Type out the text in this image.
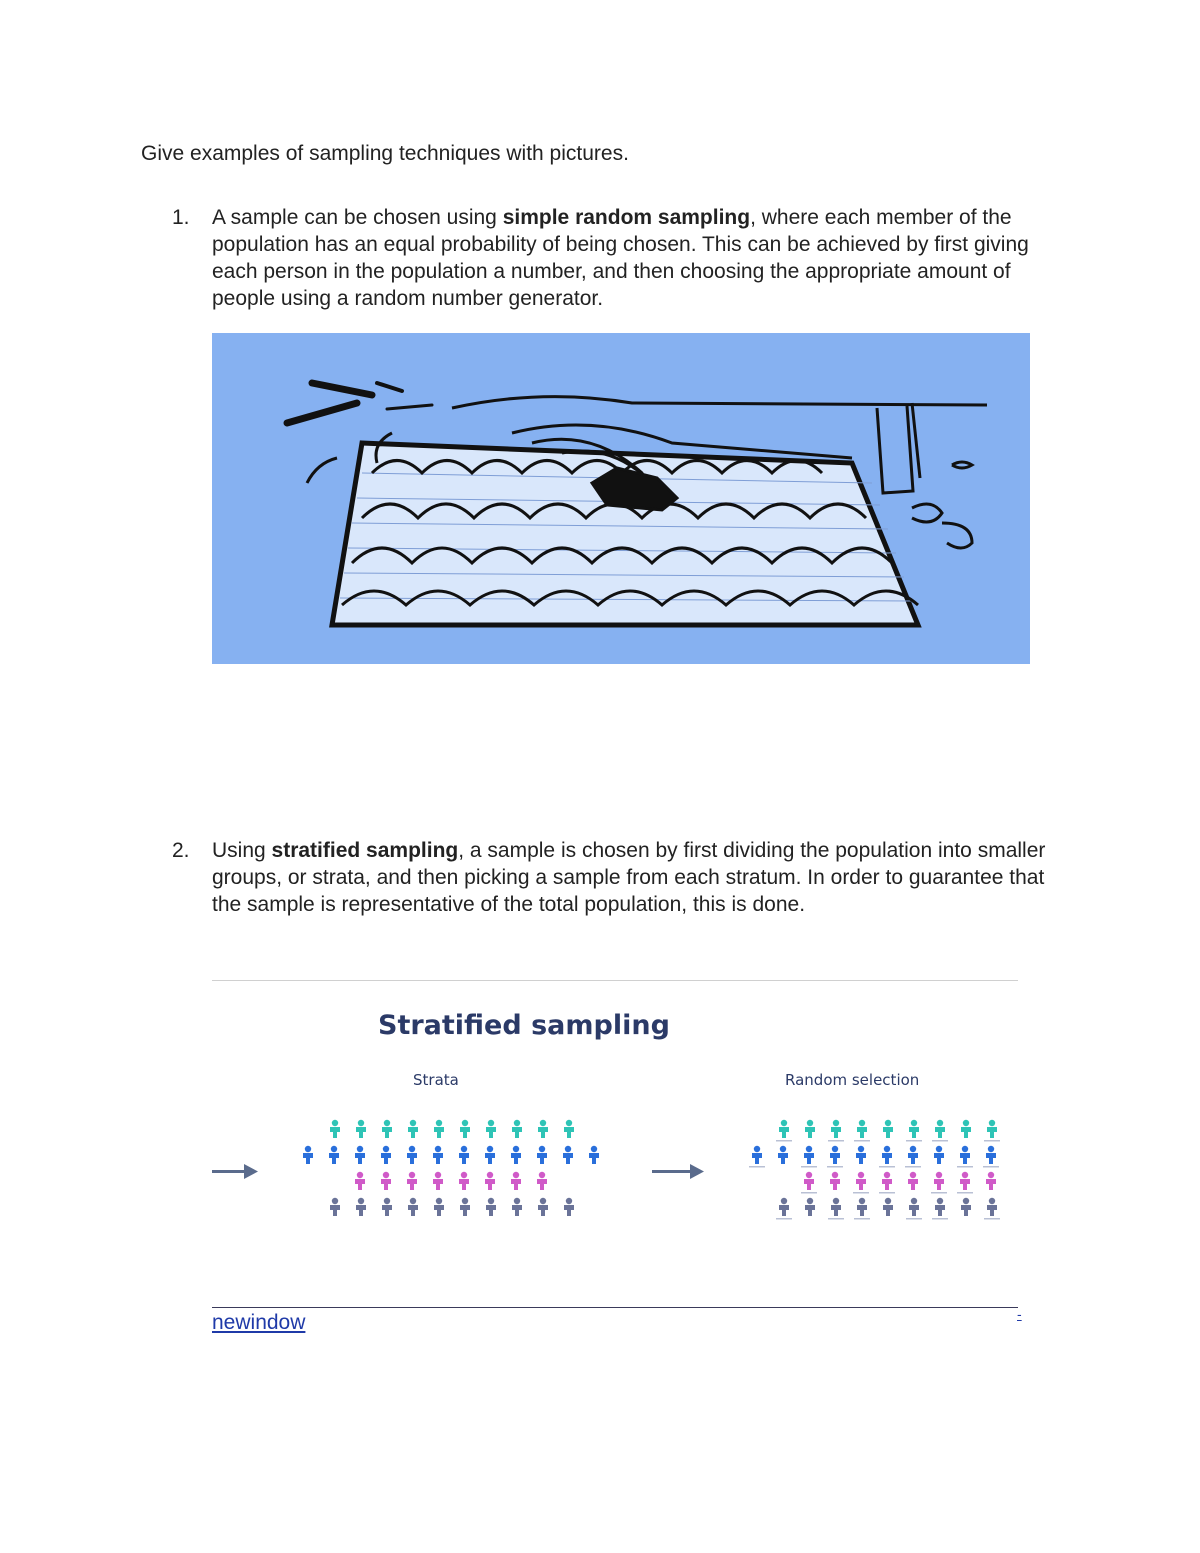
Give examples of sampling techniques with pictures.

1.	A sample can be chosen using simple random sampling, where each member of the population has an equal probability of being chosen. This can be achieved by first giving each person in the population a number, and then choosing the appropriate amount of people using a random number generator.
2.	Using stratified sampling, a sample is chosen by first dividing the population into smaller groups, or strata, and then picking a sample from each stratum. In order to guarantee that the sample is representative of the total population, this is done.
Stratified sampling
Strata	Random selection
-
newindow
